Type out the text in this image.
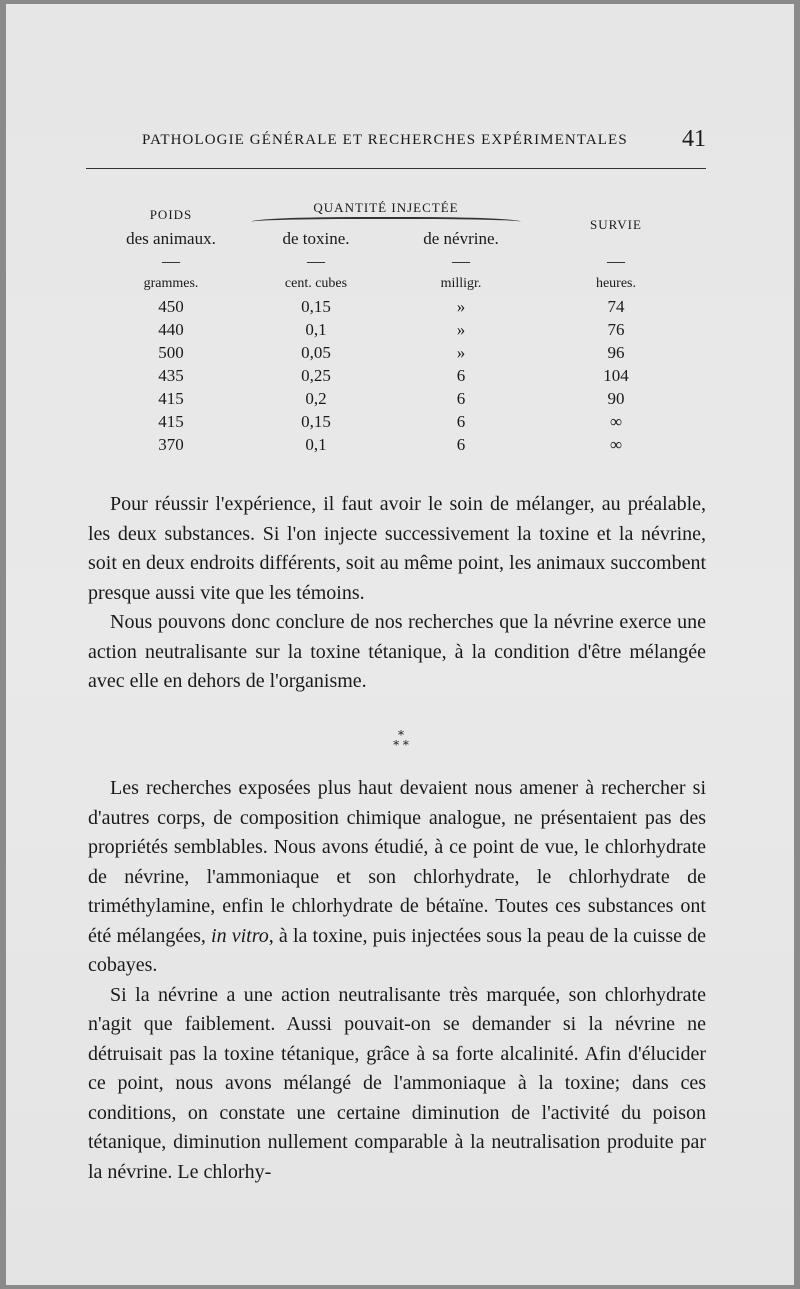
PATHOLOGIE GÉNÉRALE ET RECHERCHES EXPÉRIMENTALES 41
POIDS	QUANTITÉ INJECTÉE		SURVIE
des animaux.	de toxine.	de névrine.	
—	—	—	—
grammes.	cent. cubes	milligr.	heures.
450	0,15	»	74
440	0,1	»	76
500	0,05	»	96
435	0,25	6	104
415	0,2	6	90
415	0,15	6	∞
370	0,1	6	∞

Pour réussir l'expérience, il faut avoir le soin de mélanger, au préalable, les deux substances. Si l'on injecte successivement la toxine et la névrine, soit en deux endroits différents, soit au même point, les animaux succombent presque aussi vite que les témoins.

Nous pouvons donc conclure de nos recherches que la névrine exerce une action neutralisante sur la toxine tétanique, à la condition d'être mélangée avec elle en dehors de l'organisme.

*
* *

Les recherches exposées plus haut devaient nous amener à rechercher si d'autres corps, de composition chimique analogue, ne présentaient pas des propriétés semblables. Nous avons étudié, à ce point de vue, le chlorhydrate de névrine, l'ammoniaque et son chlorhydrate, le chlorhydrate de triméthylamine, enfin le chlorhydrate de bétaïne. Toutes ces substances ont été mélangées, in vitro, à la toxine, puis injectées sous la peau de la cuisse de cobayes.

Si la névrine a une action neutralisante très marquée, son chlorhydrate n'agit que faiblement. Aussi pouvait-on se demander si la névrine ne détruisait pas la toxine tétanique, grâce à sa forte alcalinité. Afin d'élucider ce point, nous avons mélangé de l'ammoniaque à la toxine; dans ces conditions, on constate une certaine diminution de l'activité du poison tétanique, diminution nullement comparable à la neutralisation produite par la névrine. Le chlorhy-
